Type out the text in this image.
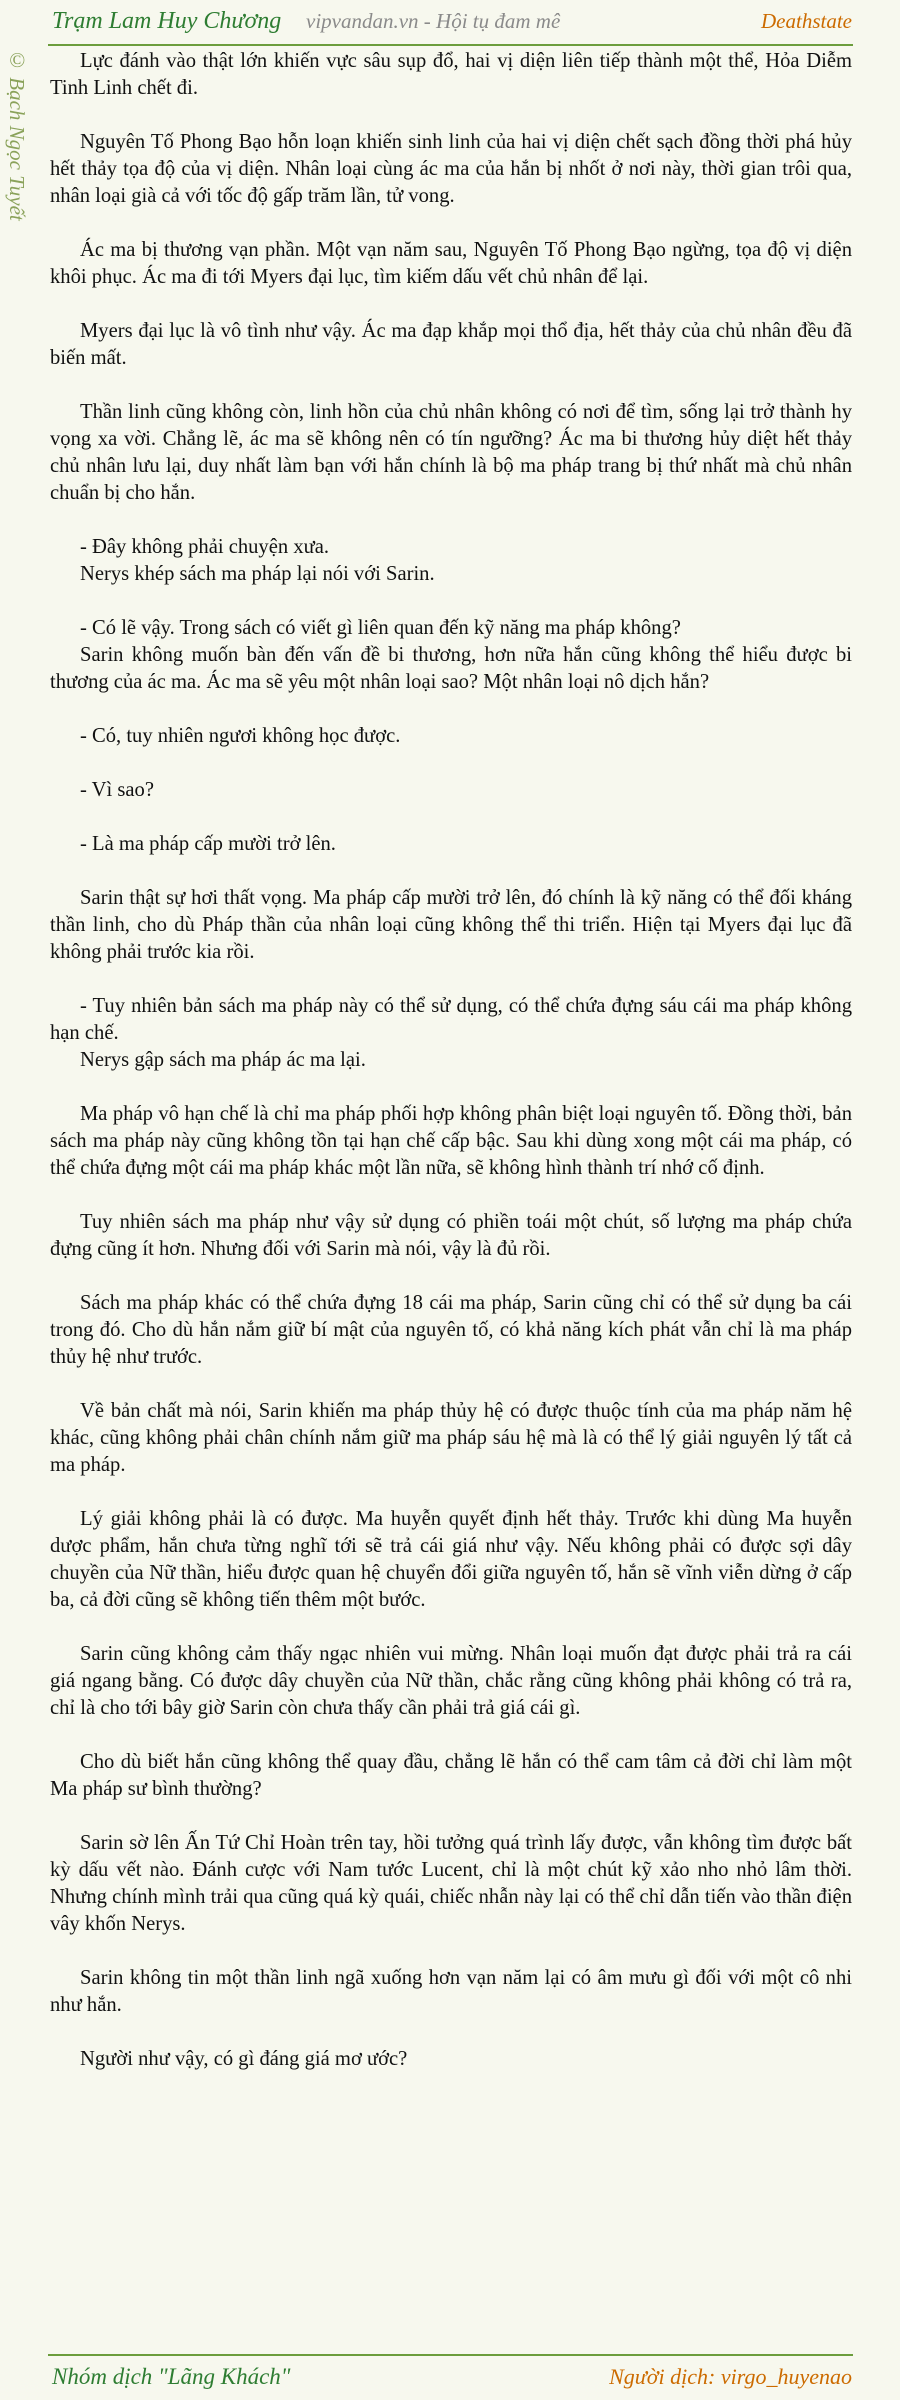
Trạm Lam Huy Chương vipvandan.vn - Hội tụ đam mê	Deathstate
© Bạch Ngọc Tuyết	Lực đánh vào thật lớn khiến vực sâu sụp đổ, hai vị diện liên tiếp thành một thể, Hỏa Diễm Tinh Linh chết đi.

Nguyên Tố Phong Bạo hỗn loạn khiến sinh linh của hai vị diện chết sạch đồng thời phá hủy hết thảy tọa độ của vị diện. Nhân loại cùng ác ma của hắn bị nhốt ở nơi này, thời gian trôi qua, nhân loại già cả với tốc độ gấp trăm lần, tử vong.

Ác ma bị thương vạn phần. Một vạn năm sau, Nguyên Tố Phong Bạo ngừng, tọa độ vị diện khôi phục. Ác ma đi tới Myers đại lục, tìm kiếm dấu vết chủ nhân để lại.

Myers đại lục là vô tình như vậy. Ác ma đạp khắp mọi thổ địa, hết thảy của chủ nhân đều đã biến mất.

Thần linh cũng không còn, linh hồn của chủ nhân không có nơi để tìm, sống lại trở thành hy vọng xa vời. Chẳng lẽ, ác ma sẽ không nên có tín ngưỡng? Ác ma bi thương hủy diệt hết thảy chủ nhân lưu lại, duy nhất làm bạn với hắn chính là bộ ma pháp trang bị thứ nhất mà chủ nhân chuẩn bị cho hắn.

- Đây không phải chuyện xưa.
Nerys khép sách ma pháp lại nói với Sarin.

- Có lẽ vậy. Trong sách có viết gì liên quan đến kỹ năng ma pháp không?
Sarin không muốn bàn đến vấn đề bi thương, hơn nữa hắn cũng không thể hiểu được bi thương của ác ma. Ác ma sẽ yêu một nhân loại sao? Một nhân loại nô dịch hắn?

- Có, tuy nhiên ngươi không học được.

- Vì sao?

- Là ma pháp cấp mười trở lên.

Sarin thật sự hơi thất vọng. Ma pháp cấp mười trở lên, đó chính là kỹ năng có thể đối kháng thần linh, cho dù Pháp thần của nhân loại cũng không thể thi triển. Hiện tại Myers đại lục đã không phải trước kia rồi.

- Tuy nhiên bản sách ma pháp này có thể sử dụng, có thể chứa đựng sáu cái ma pháp không hạn chế.
Nerys gập sách ma pháp ác ma lại.

Ma pháp vô hạn chế là chỉ ma pháp phối hợp không phân biệt loại nguyên tố. Đồng thời, bản sách ma pháp này cũng không tồn tại hạn chế cấp bậc. Sau khi dùng xong một cái ma pháp, có thể chứa đựng một cái ma pháp khác một lần nữa, sẽ không hình thành trí nhớ cố định.

Tuy nhiên sách ma pháp như vậy sử dụng có phiền toái một chút, số lượng ma pháp chứa đựng cũng ít hơn. Nhưng đối với Sarin mà nói, vậy là đủ rồi.

Sách ma pháp khác có thể chứa đựng 18 cái ma pháp, Sarin cũng chỉ có thể sử dụng ba cái trong đó. Cho dù hắn nắm giữ bí mật của nguyên tố, có khả năng kích phát vẫn chỉ là ma pháp thủy hệ như trước.

Về bản chất mà nói, Sarin khiến ma pháp thủy hệ có được thuộc tính của ma pháp năm hệ khác, cũng không phải chân chính nắm giữ ma pháp sáu hệ mà là có thể lý giải nguyên lý tất cả ma pháp.

Lý giải không phải là có được. Ma huyễn quyết định hết thảy. Trước khi dùng Ma huyễn dược phẩm, hắn chưa từng nghĩ tới sẽ trả cái giá như vậy. Nếu không phải có được sợi dây chuyền của Nữ thần, hiểu được quan hệ chuyển đổi giữa nguyên tố, hắn sẽ vĩnh viễn dừng ở cấp ba, cả đời cũng sẽ không tiến thêm một bước.

Sarin cũng không cảm thấy ngạc nhiên vui mừng. Nhân loại muốn đạt được phải trả ra cái giá ngang bằng. Có được dây chuyền của Nữ thần, chắc rằng cũng không phải không có trả ra, chỉ là cho tới bây giờ Sarin còn chưa thấy cần phải trả giá cái gì.

Cho dù biết hắn cũng không thể quay đầu, chẳng lẽ hắn có thể cam tâm cả đời chỉ làm một Ma pháp sư bình thường?

Sarin sờ lên Ấn Tứ Chỉ Hoàn trên tay, hồi tưởng quá trình lấy được, vẫn không tìm được bất kỳ dấu vết nào. Đánh cược với Nam tước Lucent, chỉ là một chút kỹ xảo nho nhỏ lâm thời. Nhưng chính mình trải qua cũng quá kỳ quái, chiếc nhẫn này lại có thể chỉ dẫn tiến vào thần điện vây khốn Nerys.

Sarin không tin một thần linh ngã xuống hơn vạn năm lại có âm mưu gì đối với một cô nhi như hắn.

Người như vậy, có gì đáng giá mơ ước?

Nhóm dịch "Lãng Khách"	Người dịch: virgo_huyenao
